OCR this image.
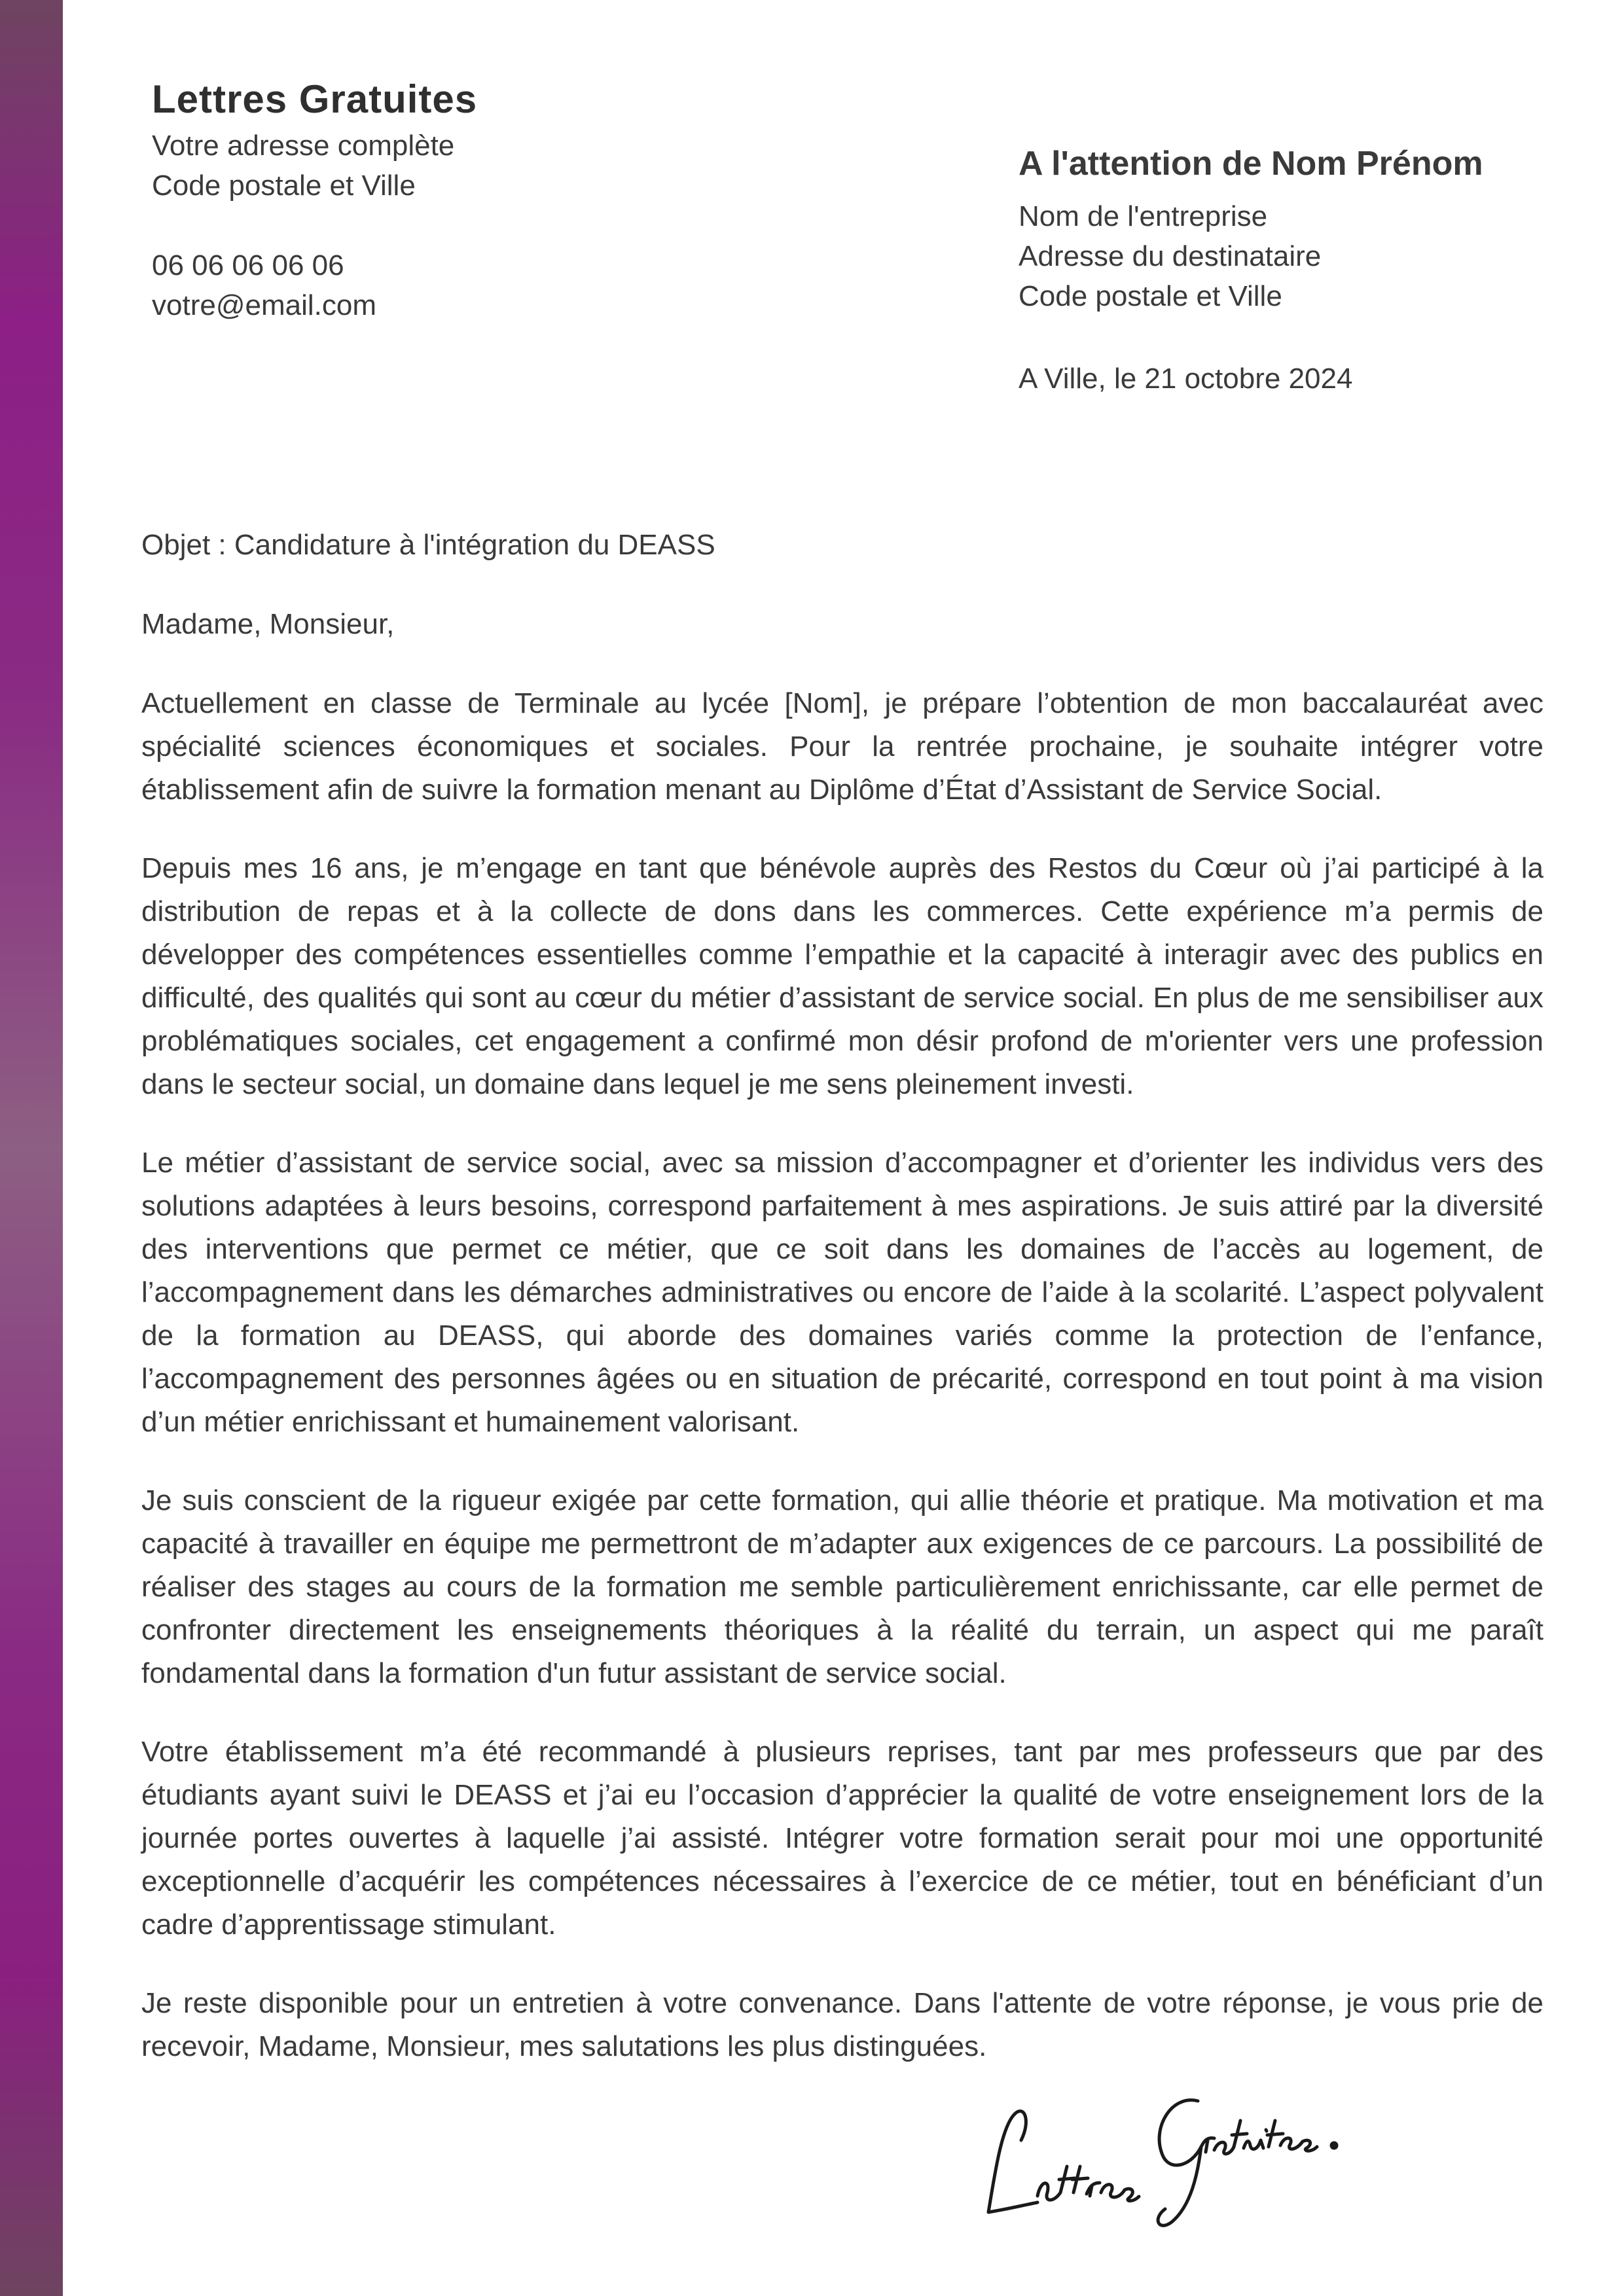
Lettres Gratuites
Votre adresse complète
Code postale et Ville
06 06 06 06 06
votre@email.com
A l'attention de Nom Prénom
Nom de l'entreprise
Adresse du destinataire
Code postale et Ville
A Ville, le 21 octobre 2024

Objet : Candidature à l'intégration du DEASS

Madame, Monsieur,

Actuellement en classe de Terminale au lycée [Nom], je prépare l’obtention de mon baccalauréat avec spécialité sciences économiques et sociales. Pour la rentrée prochaine, je souhaite intégrer votre établissement afin de suivre la formation menant au Diplôme d’État d’Assistant de Service Social.

Depuis mes 16 ans, je m’engage en tant que bénévole auprès des Restos du Cœur où j’ai participé à la distribution de repas et à la collecte de dons dans les commerces. Cette expérience m’a permis de développer des compétences essentielles comme l’empathie et la capacité à interagir avec des publics en difficulté, des qualités qui sont au cœur du métier d’assistant de service social. En plus de me sensibiliser aux problématiques sociales, cet engagement a confirmé mon désir profond de m'orienter vers une profession dans le secteur social, un domaine dans lequel je me sens pleinement investi.

Le métier d’assistant de service social, avec sa mission d’accompagner et d’orienter les individus vers des solutions adaptées à leurs besoins, correspond parfaitement à mes aspirations. Je suis attiré par la diversité des interventions que permet ce métier, que ce soit dans les domaines de l’accès au logement, de l’accompagnement dans les démarches administratives ou encore de l’aide à la scolarité. L’aspect polyvalent de la formation au DEASS, qui aborde des domaines variés comme la protection de l’enfance, l’accompagnement des personnes âgées ou en situation de précarité, correspond en tout point à ma vision d’un métier enrichissant et humainement valorisant.

Je suis conscient de la rigueur exigée par cette formation, qui allie théorie et pratique. Ma motivation et ma capacité à travailler en équipe me permettront de m’adapter aux exigences de ce parcours. La possibilité de réaliser des stages au cours de la formation me semble particulièrement enrichissante, car elle permet de confronter directement les enseignements théoriques à la réalité du terrain, un aspect qui me paraît fondamental dans la formation d'un futur assistant de service social.

Votre établissement m’a été recommandé à plusieurs reprises, tant par mes professeurs que par des étudiants ayant suivi le DEASS et j’ai eu l’occasion d’apprécier la qualité de votre enseignement lors de la journée portes ouvertes à laquelle j’ai assisté. Intégrer votre formation serait pour moi une opportunité exceptionnelle d’acquérir les compétences nécessaires à l’exercice de ce métier, tout en bénéficiant d’un cadre d’apprentissage stimulant.

Je reste disponible pour un entretien à votre convenance. Dans l'attente de votre réponse, je vous prie de recevoir, Madame, Monsieur, mes salutations les plus distinguées.
